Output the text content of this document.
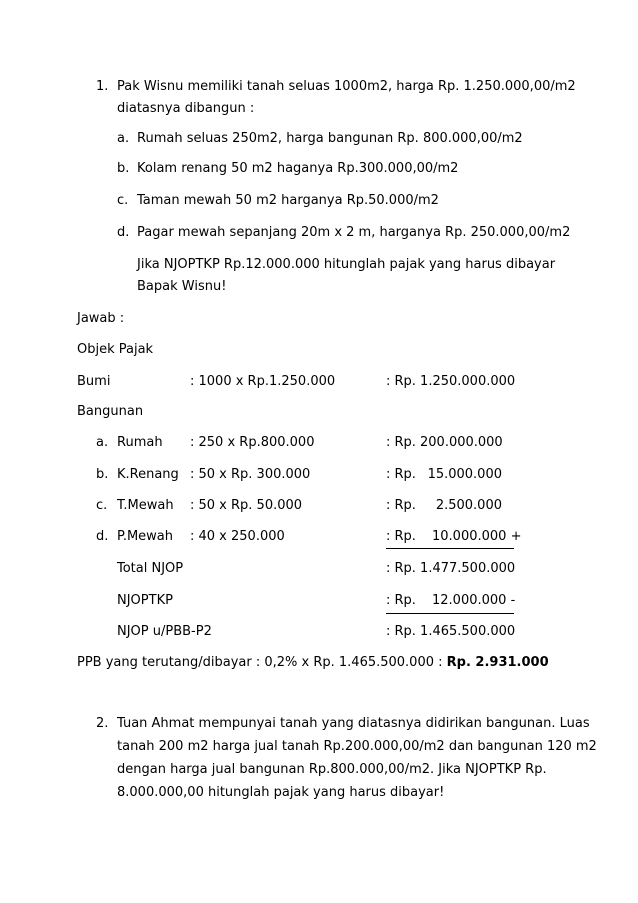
1. Pak Wisnu memiliki tanah seluas 1000m2, harga Rp. 1.250.000,00/m2
diatasnya dibangun :
a. Rumah seluas 250m2, harga bangunan Rp. 800.000,00/m2
b. Kolam renang 50 m2 haganya Rp.300.000,00/m2
c. Taman mewah 50 m2 harganya Rp.50.000/m2
d. Pagar mewah sepanjang 20m x 2 m, harganya Rp. 250.000,00/m2
Jika NJOPTKP Rp.12.000.000 hitunglah pajak yang harus dibayar
Bapak Wisnu!
Jawab :
Objek Pajak
Bumi	: 1000 x Rp.1.250.000	: Rp. 1.250.000.000
Bangunan
a. Rumah : 250 x Rp.800.000	: Rp. 200.000.000
b. K.Renang : 50 x Rp. 300.000	: Rp. 15.000.000
c. T.Mewah : 50 x Rp. 50.000	: Rp.	2.500.000
d. P.Mewah : 40 x 250.000	: Rp. 10.000.000 +
Total NJOP	: Rp. 1.477.500.000
NJOPTKP	: Rp. 12.000.000 -
NJOP u/PBB-P2	: Rp. 1.465.500.000
PPB yang terutang/dibayar : 0,2% x Rp. 1.465.500.000 : Rp. 2.931.000
2. Tuan Ahmat mempunyai tanah yang diatasnya didirikan bangunan. Luas
tanah 200 m2 harga jual tanah Rp.200.000,00/m2 dan bangunan 120 m2
dengan harga jual bangunan Rp.800.000,00/m2. Jika NJOPTKP Rp.
8.000.000,00 hitunglah pajak yang harus dibayar!
